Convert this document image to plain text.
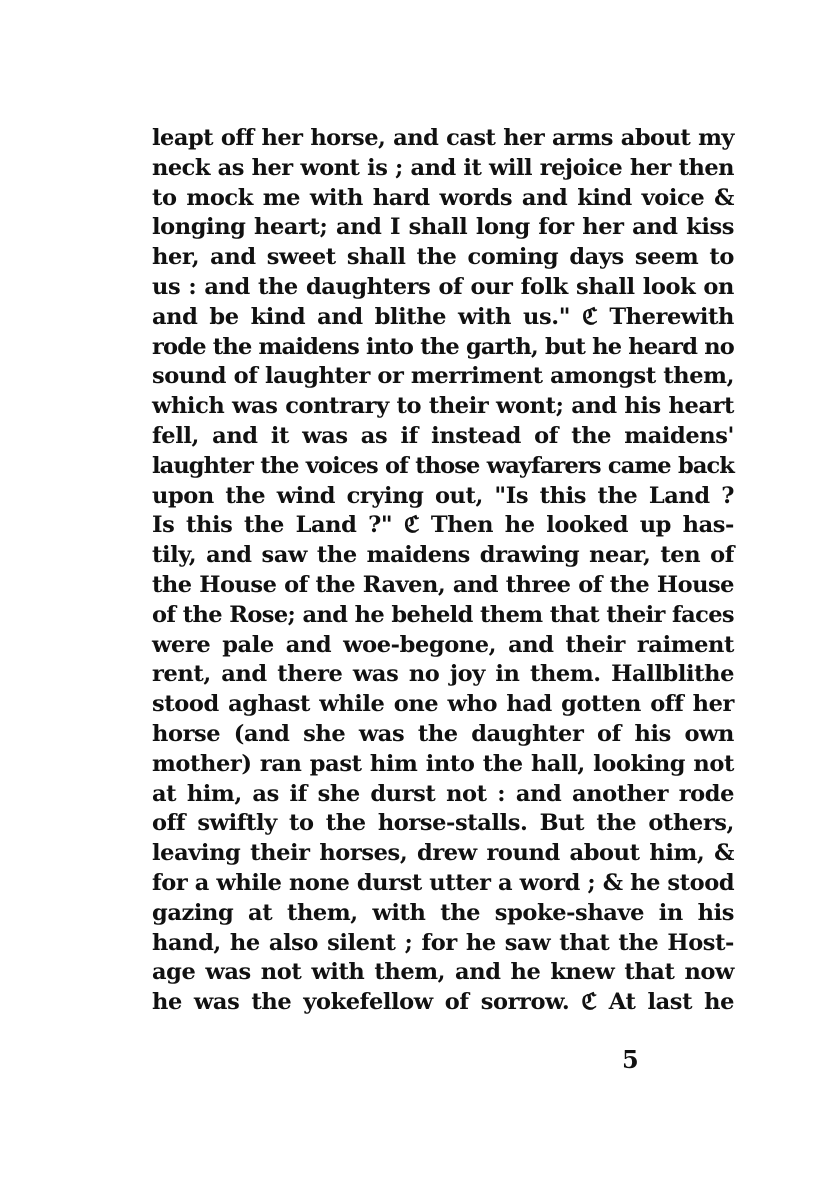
leapt off her horse, and cast her arms about my
neck as her wont is ; and it will rejoice her then
to mock me with hard words and kind voice &
longing heart; and I shall long for her and kiss
her, and sweet shall the coming days seem to
us : and the daughters of our folk shall look on
and be kind and blithe with us." ℭ Therewith
rode the maidens into the garth, but he heard no
sound of laughter or merriment amongst them,
which was contrary to their wont; and his heart
fell, and it was as if instead of the maidens'
laughter the voices of those wayfarers came back
upon the wind crying out, "Is this the Land ?
Is this the Land ?" ℭ Then he looked up has-
tily, and saw the maidens drawing near, ten of
the House of the Raven, and three of the House
of the Rose; and he beheld them that their faces
were pale and woe-begone, and their raiment
rent, and there was no joy in them. Hallblithe
stood aghast while one who had gotten off her
horse (and she was the daughter of his own
mother) ran past him into the hall, looking not
at him, as if she durst not : and another rode
off swiftly to the horse-stalls. But the others,
leaving their horses, drew round about him, &
for a while none durst utter a word ; & he stood
gazing at them, with the spoke-shave in his
hand, he also silent ; for he saw that the Host-
age was not with them, and he knew that now
he was the yokefellow of sorrow. ℭ At last he
5
